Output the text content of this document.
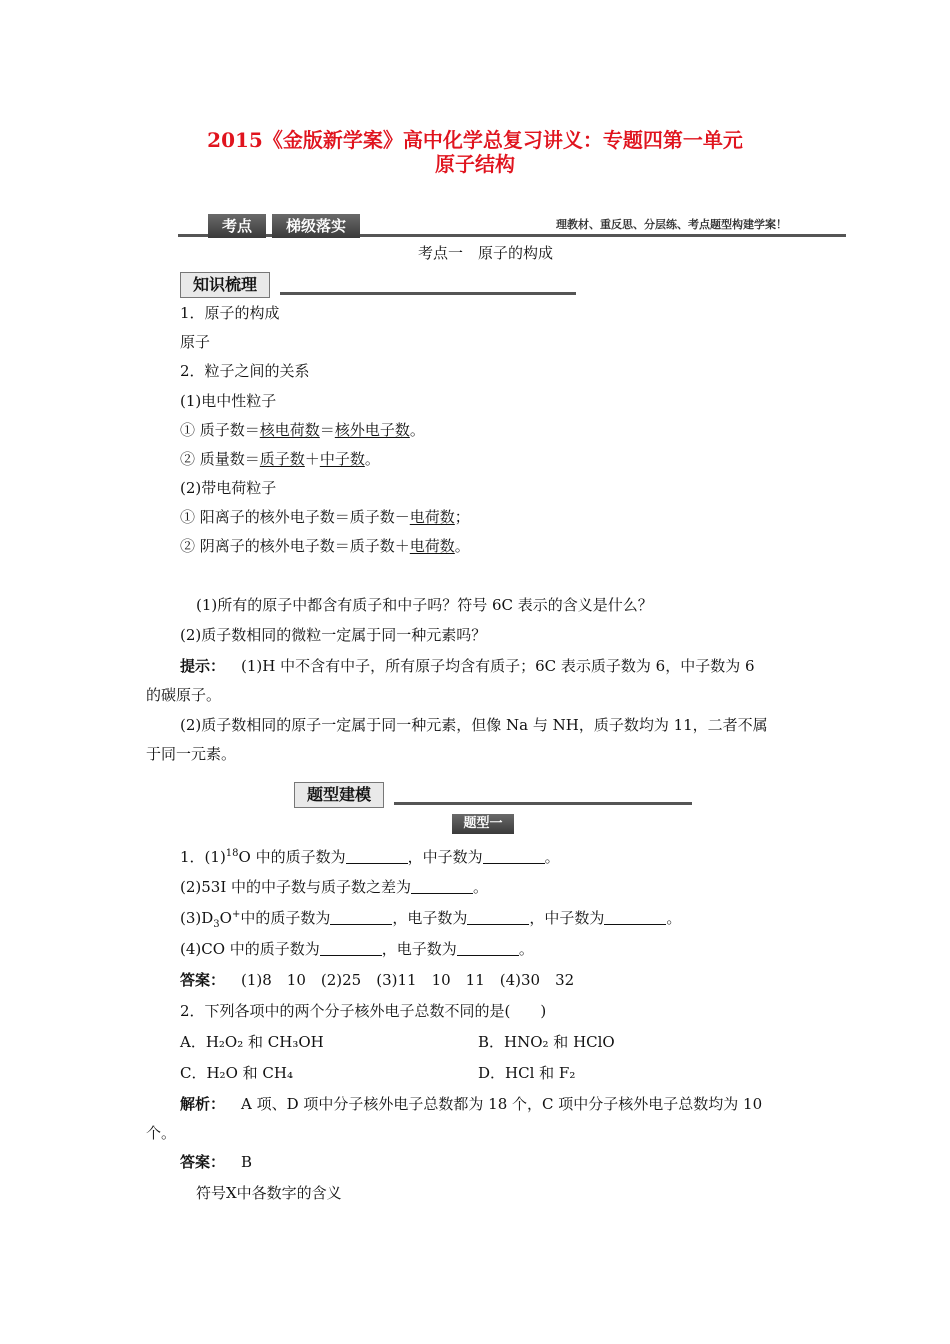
2015《金版新学案》高中化学总复习讲义：专题四第一单元
原子结构
考点	梯级落实	理教材、重反思、分层练、考点题型构建学案！
考点一　原子的构成
知识梳理
1．原子的构成
原子
2．粒子之间的关系
(1)电中性粒子
① 质子数＝核电荷数＝核外电子数。
② 质量数＝质子数＋中子数。
(2)带电荷粒子
① 阳离子的核外电子数＝质子数－电荷数；
② 阴离子的核外电子数＝质子数＋电荷数。
(1)所有的原子中都含有质子和中子吗？符号 6C 表示的含义是什么？
(2)质子数相同的微粒一定属于同一种元素吗？
提示： (1)H 中不含有中子，所有原子均含有质子；6C 表示质子数为 6，中子数为 6
的碳原子。
(2)质子数相同的原子一定属于同一种元素，但像 Na 与 NH，质子数均为 11，二者不属
于同一元素。
题型建模
题型一
1．$(1)^{18}O$ 中的质子数为	，中子数为	。
(2)53I 中的中子数与质子数之差为	。
$(3)D_3O^+$中的质子数为	，电子数为	，中子数为	。
(4)CO 中的质子数为	，电子数为	。
答案： (1)8　10　(2)25　(3)11　10　11　(4)30　32
2．下列各项中的两个分子核外电子总数不同的是(　　)
A．H₂O₂ 和 CH₃OH	B．HNO₂ 和 HClO
C．H₂O 和 CH₄	D．HCl 和 F₂
解析： A 项、D 项中分子核外电子总数都为 18 个，C 项中分子核外电子总数均为 10
个。
答案： B
符号X中各数字的含义
